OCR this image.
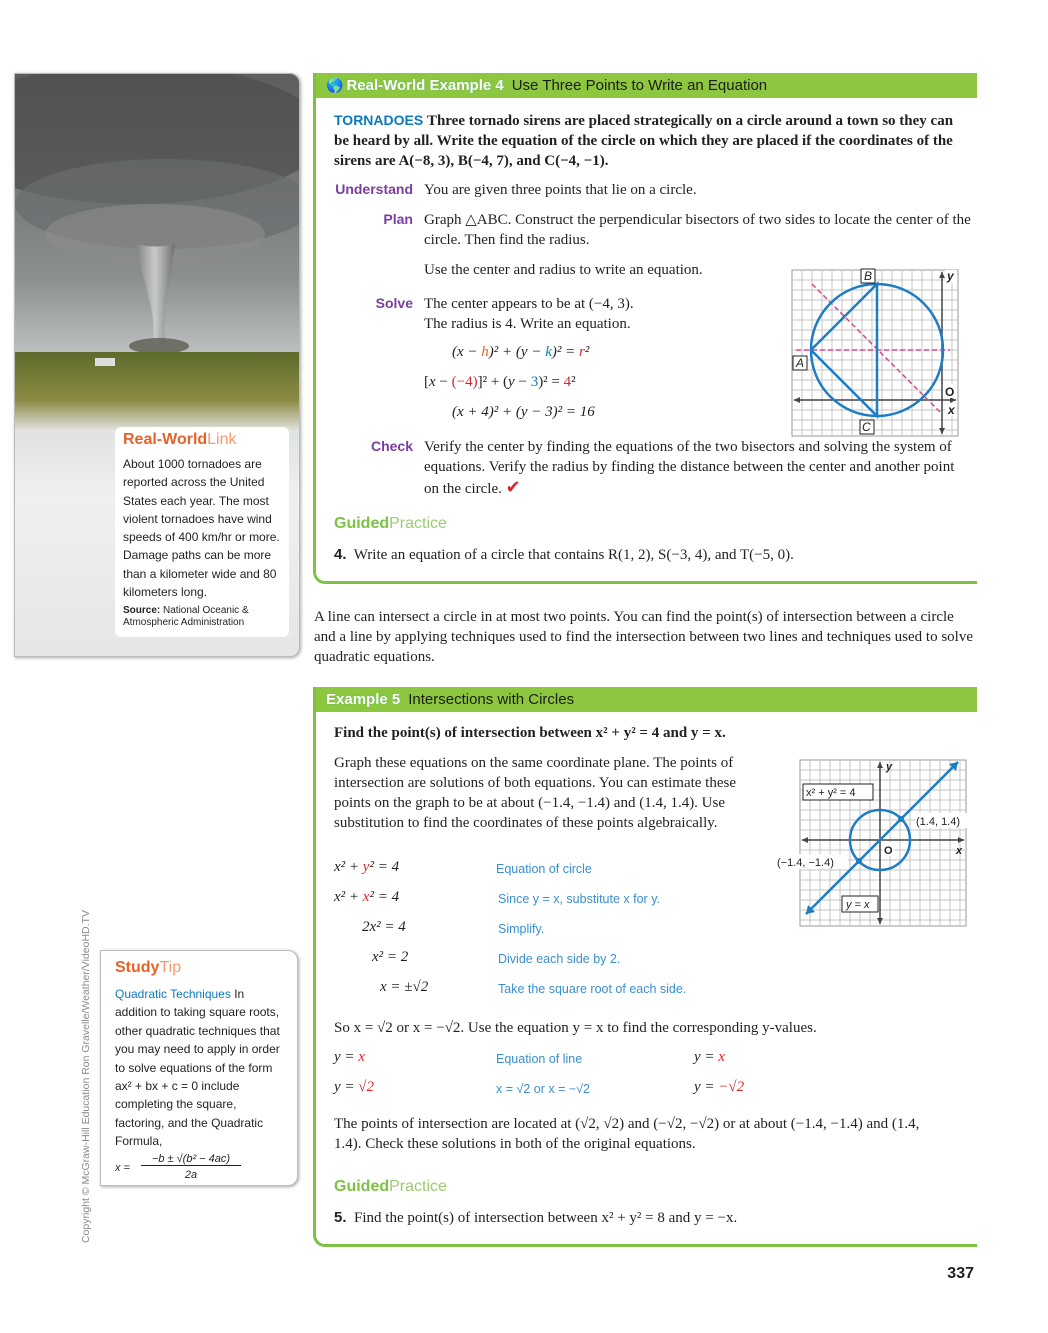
Real-WorldLink
About 1000 tornadoes are reported across the United States each year. The most violent tornadoes have wind speeds of 400 km/hr or more. Damage paths can be more than a kilometer wide and 80 kilometers long.
Source: National Oceanic & Atmospheric Administration
🌎 Real-World Example 4 Use Three Points to Write an Equation
TORNADOES Three tornado sirens are placed strategically on a circle around a town so they can be heard by all. Write the equation of the circle on which they are placed if the coordinates of the sirens are A(−8, 3), B(−4, 7), and C(−4, −1).
Understand You are given three points that lie on a circle.
Plan Graph △ABC. Construct the perpendicular bisectors of two sides to locate the center of the circle. Then find the radius.
Use the center and radius to write an equation.
Solve The center appears to be at (−4, 3).
The radius is 4. Write an equation.
(x − h)² + (y − k)² = r²
[x − (−4)]² + (y − 3)² = 4²
(x + 4)² + (y − 3)² = 16
Check Verify the center by finding the equations of the two bisectors and solving the system of equations. Verify the radius by finding the distance between the center and another point on the circle. ✔
B
A
C
O
x
y
GuidedPractice
4. Write an equation of a circle that contains R(1, 2), S(−3, 4), and T(−5, 0).
A line can intersect a circle in at most two points. You can find the point(s) of intersection between a circle and a line by applying techniques used to find the intersection between two lines and techniques used to solve quadratic equations.
Example 5 Intersections with Circles
Find the point(s) of intersection between x² + y² = 4 and y = x.
Graph these equations on the same coordinate plane. The points of intersection are solutions of both equations. You can estimate these points on the graph to be at about (−1.4, −1.4) and (1.4, 1.4). Use substitution to find the coordinates of these points algebraically.
x² + y² = 4	Equation of circle
x² + x² = 4	Since y = x, substitute x for y.
2x² = 4	Simplify.
x² = 2	Divide each side by 2.
x = ±√2	Take the square root of each side.
So x = √2 or x = −√2. Use the equation y = x to find the corresponding y-values.
y = x	Equation of line	y = x
y = √2	x = √2 or x = −√2	y = −√2
The points of intersection are located at (√2, √2) and (−√2, −√2) or at about (−1.4, −1.4) and (1.4, 1.4). Check these solutions in both of the original equations.
x² + y² = 4
(1.4, 1.4)
(−1.4, −1.4)
y = x
O	x
y
GuidedPractice
5. Find the point(s) of intersection between x² + y² = 8 and y = −x.
StudyTip
Quadratic Techniques In addition to taking square roots, other quadratic techniques that you may need to apply in order to solve equations of the form ax² + bx + c = 0 include completing the square, factoring, and the Quadratic Formula,
x =
−b ± √(b² − 4ac)
2a
Copyright © McGraw-Hill Education Ron Gravelle/Weather/VideoHD.TV
337
